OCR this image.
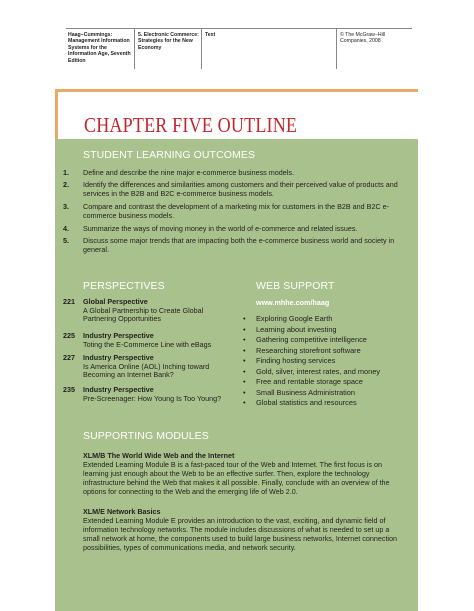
Haag−Cummings: Management Information Systems for the Information Age, Seventh Edition
5. Electronic Commerce: Strategies for the New Economy
Text	© The McGraw−Hill Companies, 2008
CHAPTER FIVE OUTLINE
STUDENT LEARNING OUTCOMES
1.	Define and describe the nine major e-commerce business models.
2.	Identify the differences and similarities among customers and their perceived value of products and services in the B2B and B2C e-commerce business models.
3.	Compare and contrast the development of a marketing mix for customers in the B2B and B2C e-commerce business models.
4.	Summarize the ways of moving money in the world of e-commerce and related issues.
5.	Discuss some major trends that are impacting both the e-commerce business world and society in general.
PERSPECTIVES
221	Global Perspective
A Global Partnership to Create Global Partnering Opportunities
225	Industry Perspective
Toting the E-Commerce Line with eBags
227	Industry Perspective
Is America Online (AOL) Inching toward Becoming an Internet Bank?
235	Industry Perspective
Pre-Screenager: How Young Is Too Young?
WEB SUPPORT
www.mhhe.com/haag
•	Exploring Google Earth
•	Learning about investing
•	Gathering competitive intelligence
•	Researching storefront software
•	Finding hosting services
•	Gold, silver, interest rates, and money
•	Free and rentable storage space
•	Small Business Administration
•	Global statistics and resources
SUPPORTING MODULES
XLM/B The World Wide Web and the Internet
Extended Learning Module B is a fast-paced tour of the Web and Internet. The first focus is on learning just enough about the Web to be an effective surfer. Then, explore the technology infrastructure behind the Web that makes it all possible. Finally, conclude with an overview of the options for connecting to the Web and the emerging life of Web 2.0.
XLM/E Network Basics
Extended Learning Module E provides an introduction to the vast, exciting, and dynamic field of information technology networks. The module includes discussions of what is needed to set up a small network at home, the components used to build large business networks, Internet connection possibilities, types of communications media, and network security.
